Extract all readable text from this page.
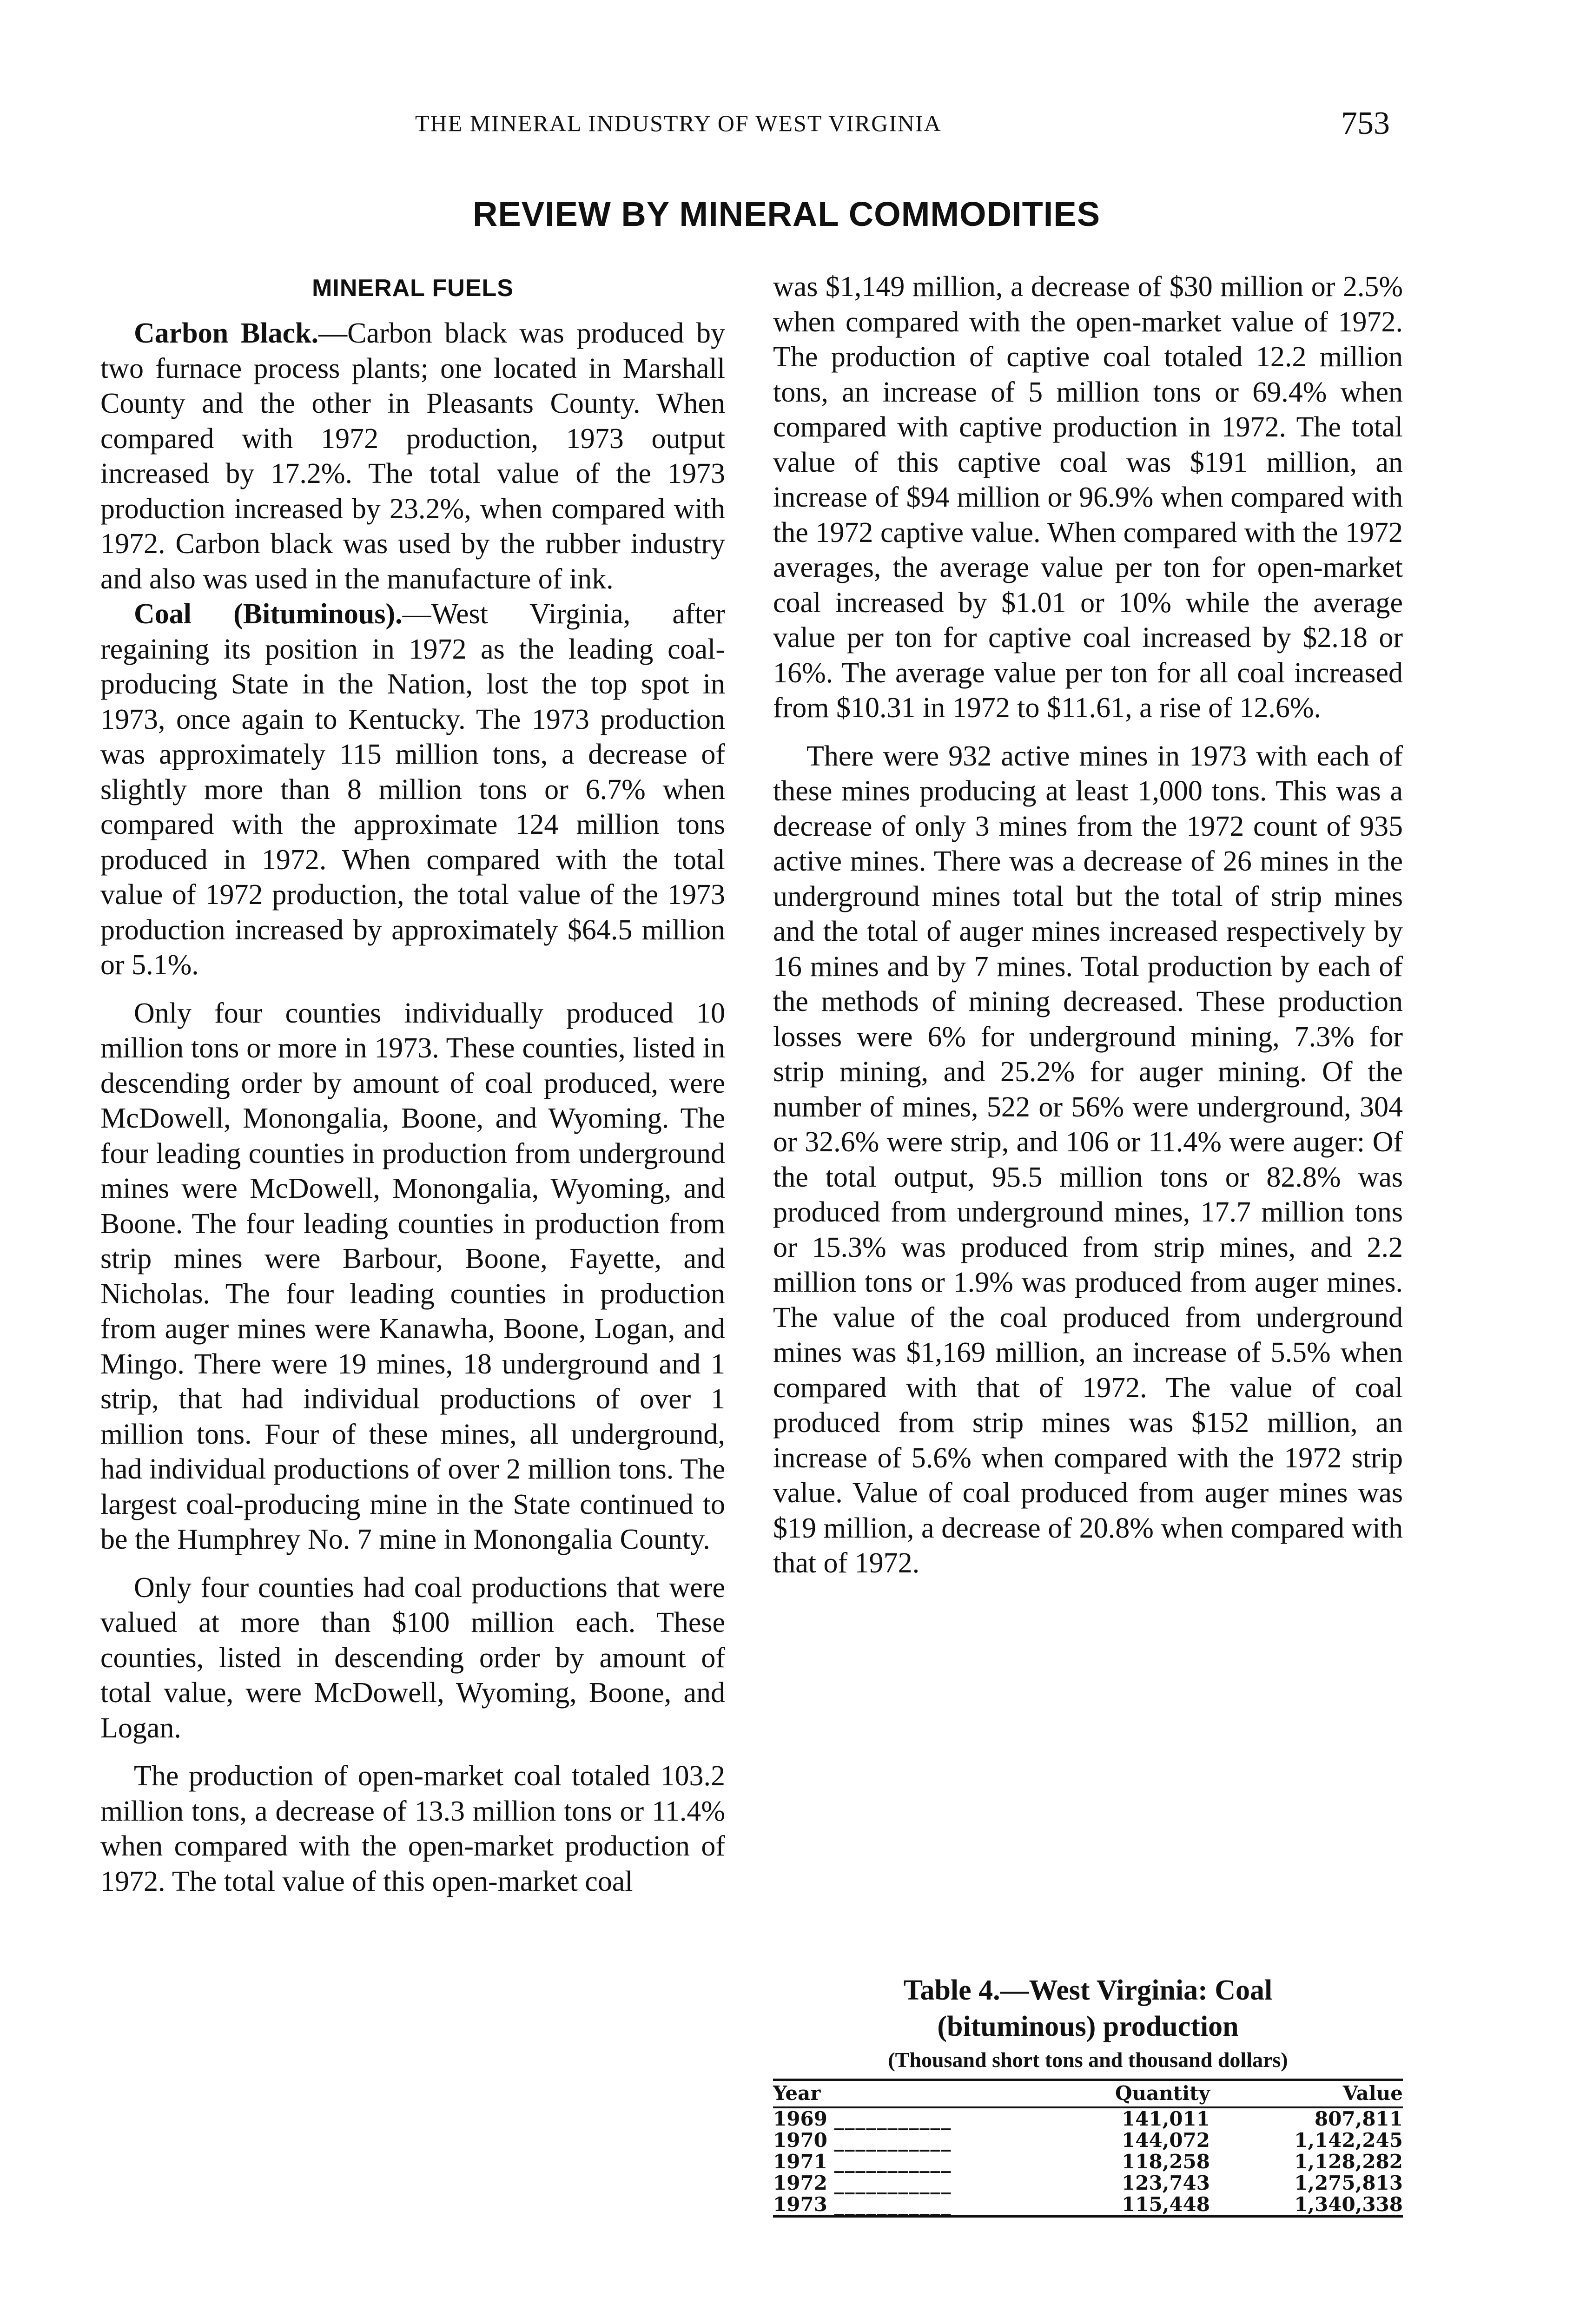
THE MINERAL INDUSTRY OF WEST VIRGINIA	753
REVIEW BY MINERAL COMMODITIES
MINERAL FUELS

Carbon Black.—Carbon black was produced by two furnace process plants; one located in Marshall County and the other in Pleasants County. When compared with 1972 production, 1973 output increased by 17.2%. The total value of the 1973 production increased by 23.2%, when compared with 1972. Carbon black was used by the rubber industry and also was used in the manufacture of ink.

Coal (Bituminous).—West Virginia, after regaining its position in 1972 as the leading coal-producing State in the Nation, lost the top spot in 1973, once again to Kentucky. The 1973 production was approximately 115 million tons, a decrease of slightly more than 8 million tons or 6.7% when compared with the approximate 124 million tons produced in 1972. When compared with the total value of 1972 production, the total value of the 1973 production increased by approximately $64.5 million or 5.1%.

Only four counties individually produced 10 million tons or more in 1973. These counties, listed in descending order by amount of coal produced, were McDowell, Monongalia, Boone, and Wyoming. The four leading counties in production from underground mines were McDowell, Monongalia, Wyoming, and Boone. The four leading counties in production from strip mines were Barbour, Boone, Fayette, and Nicholas. The four leading counties in production from auger mines were Kanawha, Boone, Logan, and Mingo. There were 19 mines, 18 underground and 1 strip, that had individual productions of over 1 million tons. Four of these mines, all underground, had individual productions of over 2 million tons. The largest coal-producing mine in the State continued to be the Humphrey No. 7 mine in Monongalia County.

Only four counties had coal productions that were valued at more than $100 million each. These counties, listed in descending order by amount of total value, were McDowell, Wyoming, Boone, and Logan.

The production of open-market coal totaled 103.2 million tons, a decrease of 13.3 million tons or 11.4% when compared with the open-market production of 1972. The total value of this open-market coal

was $1,149 million, a decrease of $30 million or 2.5% when compared with the open-market value of 1972. The production of captive coal totaled 12.2 million tons, an increase of 5 million tons or 69.4% when compared with captive production in 1972. The total value of this captive coal was $191 million, an increase of $94 million or 96.9% when compared with the 1972 captive value. When compared with the 1972 averages, the average value per ton for open-market coal increased by $1.01 or 10% while the average value per ton for captive coal increased by $2.18 or 16%. The average value per ton for all coal increased from $10.31 in 1972 to $11.61, a rise of 12.6%.

There were 932 active mines in 1973 with each of these mines producing at least 1,000 tons. This was a decrease of only 3 mines from the 1972 count of 935 active mines. There was a decrease of 26 mines in the underground mines total but the total of strip mines and the total of auger mines increased respectively by 16 mines and by 7 mines. Total production by each of the methods of mining decreased. These production losses were 6% for underground mining, 7.3% for strip mining, and 25.2% for auger mining. Of the number of mines, 522 or 56% were underground, 304 or 32.6% were strip, and 106 or 11.4% were auger: Of the total output, 95.5 million tons or 82.8% was produced from underground mines, 17.7 million tons or 15.3% was produced from strip mines, and 2.2 million tons or 1.9% was produced from auger mines. The value of the coal produced from underground mines was $1,169 million, an increase of 5.5% when compared with that of 1972. The value of coal produced from strip mines was $152 million, an increase of 5.6% when compared with the 1972 strip value. Value of coal produced from auger mines was $19 million, a decrease of 20.8% when compared with that of 1972.

Table 4.—West Virginia: Coal
(bituminous) production
(Thousand short tons and thousand dollars)
Year	Quantity	Value
1969 ___________	141,011	807,811
1970 ___________	144,072	1,142,245
1971 ___________	118,258	1,128,282
1972 ___________	123,743	1,275,813
1973 ___________	115,448	1,340,338
